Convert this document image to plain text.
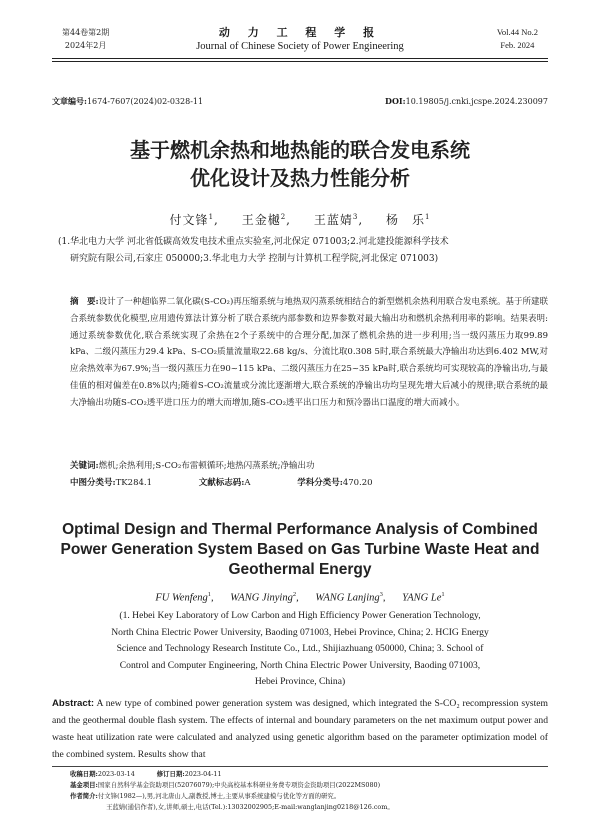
第44卷第2期
2024年2月
动 力 工 程 学 报
Journal of Chinese Society of Power Engineering
Vol.44 No.2
Feb. 2024
文章编号:1674-7607(2024)02-0328-11	DOI:10.19805/j.cnki.jcspe.2024.230097
基于燃机余热和地热能的联合发电系统
优化设计及热力性能分析
付文锋$^1$, 王金樾$^2$, 王蓝婧$^3$, 杨　乐$^1$
(1.华北电力大学 河北省低碳高效发电技术重点实验室,河北保定 071003;2.河北建投能源科学技术
研究院有限公司,石家庄 050000;3.华北电力大学 控制与计算机工程学院,河北保定 071003)
摘　要:设计了一种超临界二氧化碳(S-CO₂)再压缩系统与地热双闪蒸系统相结合的新型燃机余热利用联合发电系统。基于所建联合系统参数优化模型,应用遗传算法计算分析了联合系统内部参数和边界参数对最大输出功和燃机余热利用率的影响。结果表明:通过系统参数优化,联合系统实现了余热在2个子系统中的合理分配,加深了燃机余热的进一步利用;当一级闪蒸压力取99.89 kPa、二级闪蒸压力29.4 kPa、S-CO₂质量流量取22.68 kg/s、分流比取0.308 5时,联合系统最大净输出功达到6.402 MW,对应余热效率为67.9%;当一级闪蒸压力在90~115 kPa、二级闪蒸压力在25~35 kPa时,联合系统均可实现较高的净输出功,与最佳值的相对偏差在0.8%以内;随着S-CO₂流量或分流比逐渐增大,联合系统的净输出功均呈现先增大后减小的规律;联合系统的最大净输出功随S-CO₂透平进口压力的增大而增加,随S-CO₂透平出口压力和预冷器出口温度的增大而减小。
关键词:燃机;余热利用;S-CO₂布雷顿循环;地热闪蒸系统;净输出功
中图分类号:TK284.1	文献标志码:A	学科分类号:470.20
Optimal Design and Thermal Performance Analysis of Combined
Power Generation System Based on Gas Turbine Waste Heat and
Geothermal Energy
FU Wenfeng$^1$, WANG Jinying$^2$, WANG Lanjing$^3$, YANG Le$^1$
(1. Hebei Key Laboratory of Low Carbon and High Efficiency Power Generation Technology,
North China Electric Power University, Baoding 071003, Hebei Province, China; 2. HCIG Energy
Science and Technology Research Institute Co., Ltd., Shijiazhuang 050000, China; 3. School of
Control and Computer Engineering, North China Electric Power University, Baoding 071003,
Hebei Province, China)
Abstract: A new type of combined power generation system was designed, which integrated the S-CO₂ recompression system and the geothermal double flash system. The effects of internal and boundary parameters on the net maximum output power and waste heat utilization rate were calculated and analyzed using genetic algorithm based on the parameter optimization model of the combined system. Results show that
收稿日期:2023-03-14	修订日期:2023-04-11
基金项目:国家自然科学基金资助项目(52076079);中央高校基本科研业务费专项资金资助项目(2022MS080)
作者简介:付文锋(1982—),男,河北唐山人,副教授,博士,主要从事系统建模与优化等方面的研究。
王蓝婧(通信作者),女,讲师,硕士,电话(Tel.):13032002905;E-mail:wanglanjing0218@126.com。
